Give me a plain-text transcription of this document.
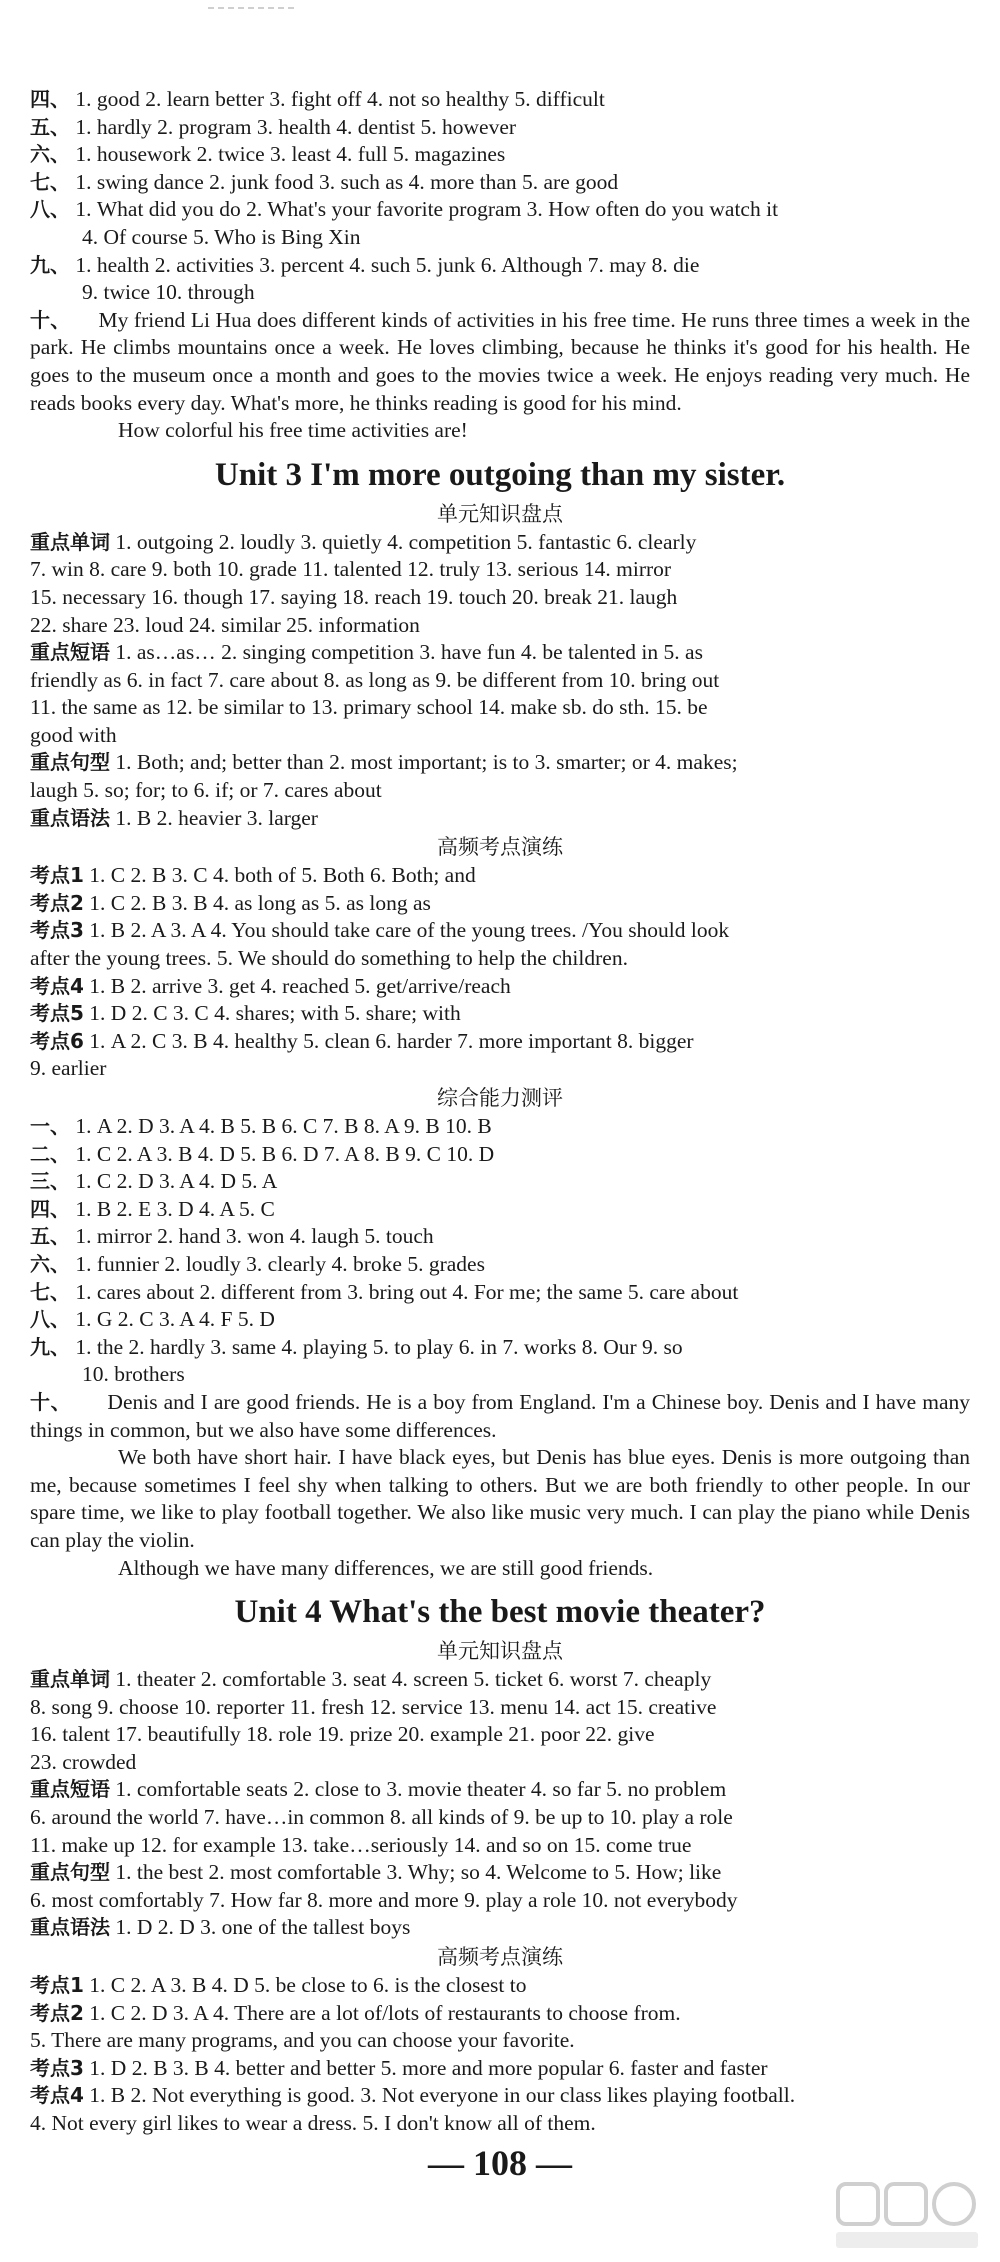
四、 1. good 2. learn better 3. fight off 4. not so healthy 5. difficult
五、 1. hardly 2. program 3. health 4. dentist 5. however
六、 1. housework 2. twice 3. least 4. full 5. magazines
七、 1. swing dance 2. junk food 3. such as 4. more than 5. are good
八、 1. What did you do 2. What's your favorite program 3. How often do you watch it
4. Of course 5. Who is Bing Xin
九、 1. health 2. activities 3. percent 4. such 5. junk 6. Although 7. may 8. die
9. twice 10. through
十、 My friend Li Hua does different kinds of activities in his free time. He runs three times a week in the park. He climbs mountains once a week. He loves climbing, because he thinks it's good for his health. He goes to the museum once a month and goes to the movies twice a week. He enjoys reading very much. He reads books every day. What's more, he thinks reading is good for his mind.
How colorful his free time activities are!
Unit 3 I'm more outgoing than my sister.
单元知识盘点
重点单词 1. outgoing 2. loudly 3. quietly 4. competition 5. fantastic 6. clearly
7. win 8. care 9. both 10. grade 11. talented 12. truly 13. serious 14. mirror
15. necessary 16. though 17. saying 18. reach 19. touch 20. break 21. laugh
22. share 23. loud 24. similar 25. information
重点短语 1. as…as… 2. singing competition 3. have fun 4. be talented in 5. as
friendly as 6. in fact 7. care about 8. as long as 9. be different from 10. bring out
11. the same as 12. be similar to 13. primary school 14. make sb. do sth. 15. be
good with
重点句型 1. Both; and; better than 2. most important; is to 3. smarter; or 4. makes;
laugh 5. so; for; to 6. if; or 7. cares about
重点语法 1. B 2. heavier 3. larger
高频考点演练
考点1 1. C 2. B 3. C 4. both of 5. Both 6. Both; and
考点2 1. C 2. B 3. B 4. as long as 5. as long as
考点3 1. B 2. A 3. A 4. You should take care of the young trees. /You should look
after the young trees. 5. We should do something to help the children.
考点4 1. B 2. arrive 3. get 4. reached 5. get/arrive/reach
考点5 1. D 2. C 3. C 4. shares; with 5. share; with
考点6 1. A 2. C 3. B 4. healthy 5. clean 6. harder 7. more important 8. bigger
9. earlier
综合能力测评
一、 1. A 2. D 3. A 4. B 5. B 6. C 7. B 8. A 9. B 10. B
二、 1. C 2. A 3. B 4. D 5. B 6. D 7. A 8. B 9. C 10. D
三、 1. C 2. D 3. A 4. D 5. A
四、 1. B 2. E 3. D 4. A 5. C
五、 1. mirror 2. hand 3. won 4. laugh 5. touch
六、 1. funnier 2. loudly 3. clearly 4. broke 5. grades
七、 1. cares about 2. different from 3. bring out 4. For me; the same 5. care about
八、 1. G 2. C 3. A 4. F 5. D
九、 1. the 2. hardly 3. same 4. playing 5. to play 6. in 7. works 8. Our 9. so
10. brothers
十、 Denis and I are good friends. He is a boy from England. I'm a Chinese boy. Denis and I have many things in common, but we also have some differences.
We both have short hair. I have black eyes, but Denis has blue eyes. Denis is more outgoing than me, because sometimes I feel shy when talking to others. But we are both friendly to other people. In our spare time, we like to play football together. We also like music very much. I can play the piano while Denis can play the violin.
Although we have many differences, we are still good friends.
Unit 4 What's the best movie theater?
单元知识盘点
重点单词 1. theater 2. comfortable 3. seat 4. screen 5. ticket 6. worst 7. cheaply
8. song 9. choose 10. reporter 11. fresh 12. service 13. menu 14. act 15. creative
16. talent 17. beautifully 18. role 19. prize 20. example 21. poor 22. give
23. crowded
重点短语 1. comfortable seats 2. close to 3. movie theater 4. so far 5. no problem
6. around the world 7. have…in common 8. all kinds of 9. be up to 10. play a role
11. make up 12. for example 13. take…seriously 14. and so on 15. come true
重点句型 1. the best 2. most comfortable 3. Why; so 4. Welcome to 5. How; like
6. most comfortably 7. How far 8. more and more 9. play a role 10. not everybody
重点语法 1. D 2. D 3. one of the tallest boys
高频考点演练
考点1 1. C 2. A 3. B 4. D 5. be close to 6. is the closest to
考点2 1. C 2. D 3. A 4. There are a lot of/lots of restaurants to choose from.
5. There are many programs, and you can choose your favorite.
考点3 1. D 2. B 3. B 4. better and better 5. more and more popular 6. faster and faster
考点4 1. B 2. Not everything is good. 3. Not everyone in our class likes playing football.
4. Not every girl likes to wear a dress. 5. I don't know all of them.
— 108 —
